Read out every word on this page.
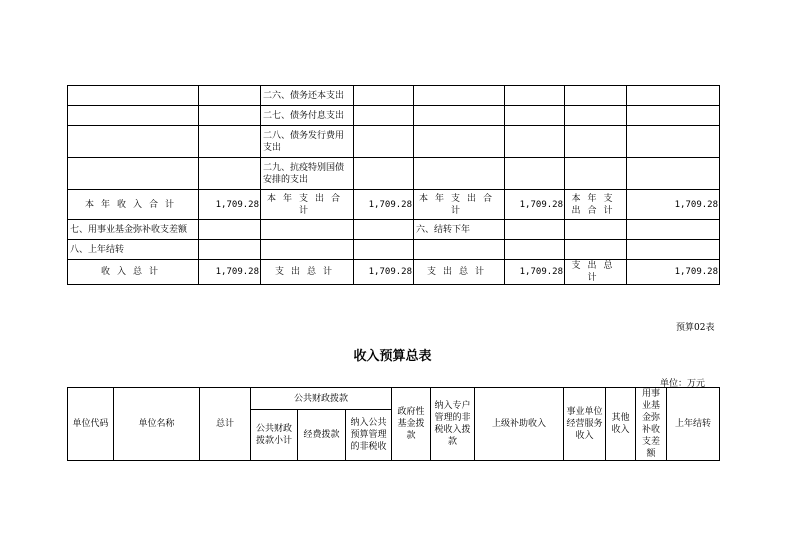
		二六、债务还本支出					
		二七、债务付息支出					
		二八、债务发行费用支出					
		二九、抗疫特别国债安排的支出					
本年收入合计	1,709.28	本年支出合计	1,709.28	本年支出合计	1,709.28	本年支出合计	1,709.28
七、用事业基金弥补收支差额				六、结转下年			
八、上年结转							
收入总计	1,709.28	支出总计	1,709.28	支出总计	1,709.28	支出总计	1,709.28
预算02表
收入预算总表
单位：万元
单位代码	单位名称	总计	公共财政拨款			政府性基金拨款	纳入专户管理的非税收入拨款	上级补助收入	事业单位经营服务收入	其他收入	用事业基金弥补收支差额	上年结转
			公共财政拨款小计	经费拨款	纳入公共预算管理的非税收							
